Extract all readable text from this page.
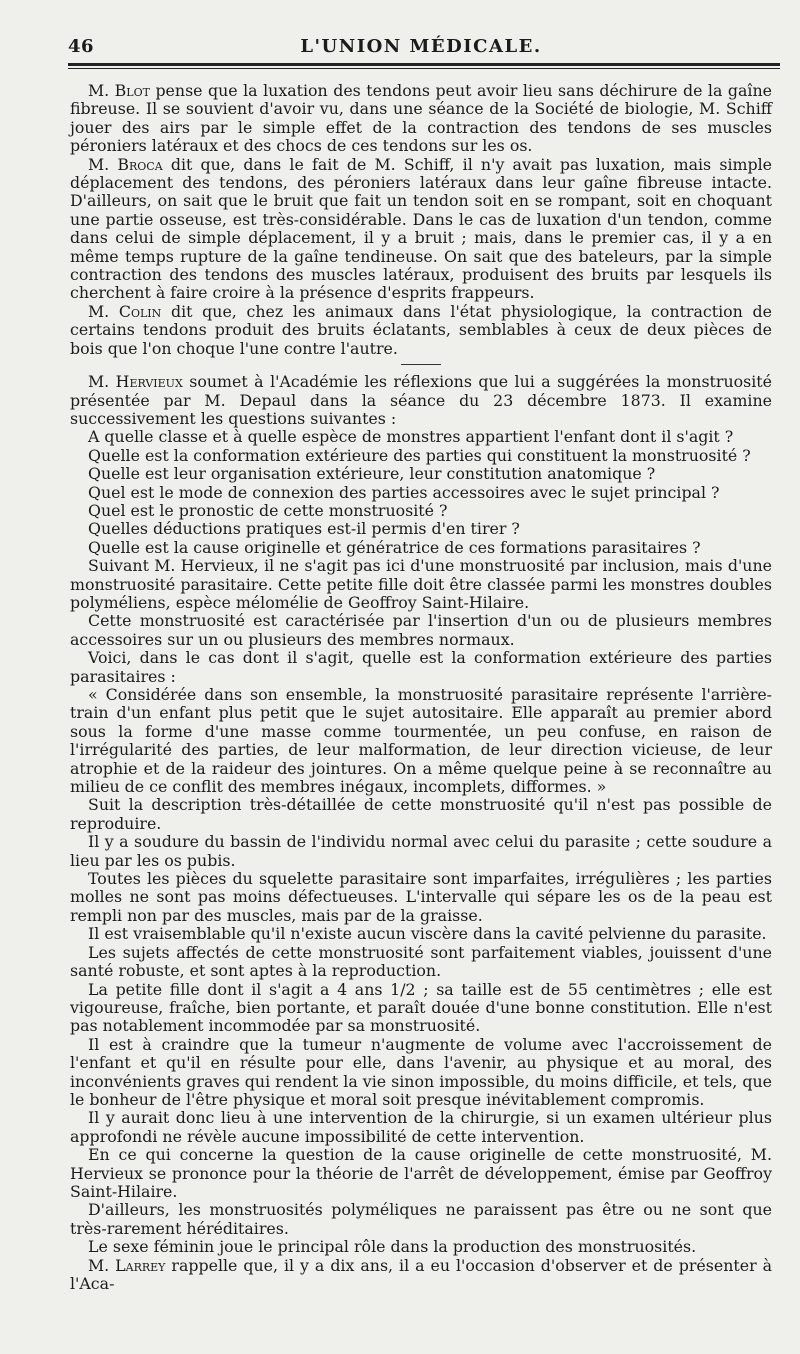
46	L'UNION MÉDICALE.

M. Blot pense que la luxation des tendons peut avoir lieu sans déchirure de la gaîne fibreuse. Il se souvient d'avoir vu, dans une séance de la Société de biologie, M. Schiff jouer des airs par le simple effet de la contraction des tendons de ses muscles péroniers latéraux et des chocs de ces tendons sur les os.

M. Broca dit que, dans le fait de M. Schiff, il n'y avait pas luxation, mais simple déplacement des tendons, des péroniers latéraux dans leur gaîne fibreuse intacte. D'ailleurs, on sait que le bruit que fait un tendon soit en se rompant, soit en choquant une partie osseuse, est très-considérable. Dans le cas de luxation d'un tendon, comme dans celui de simple déplacement, il y a bruit ; mais, dans le premier cas, il y a en même temps rupture de la gaîne tendineuse. On sait que des bateleurs, par la simple contraction des tendons des muscles latéraux, produisent des bruits par lesquels ils cherchent à faire croire à la présence d'esprits frappeurs.

M. Colin dit que, chez les animaux dans l'état physiologique, la contraction de certains tendons produit des bruits éclatants, semblables à ceux de deux pièces de bois que l'on choque l'une contre l'autre.

M. Hervieux soumet à l'Académie les réflexions que lui a suggérées la monstruosité présentée par M. Depaul dans la séance du 23 décembre 1873. Il examine successivement les questions suivantes :

A quelle classe et à quelle espèce de monstres appartient l'enfant dont il s'agit ?

Quelle est la conformation extérieure des parties qui constituent la monstruosité ?

Quelle est leur organisation extérieure, leur constitution anatomique ?

Quel est le mode de connexion des parties accessoires avec le sujet principal ?

Quel est le pronostic de cette monstruosité ?

Quelles déductions pratiques est-il permis d'en tirer ?

Quelle est la cause originelle et génératrice de ces formations parasitaires ?

Suivant M. Hervieux, il ne s'agit pas ici d'une monstruosité par inclusion, mais d'une monstruosité parasitaire. Cette petite fille doit être classée parmi les monstres doubles polyméliens, espèce mélomélie de Geoffroy Saint-Hilaire.

Cette monstruosité est caractérisée par l'insertion d'un ou de plusieurs membres accessoires sur un ou plusieurs des membres normaux.

Voici, dans le cas dont il s'agit, quelle est la conformation extérieure des parties parasitaires :

« Considérée dans son ensemble, la monstruosité parasitaire représente l'arrière-train d'un enfant plus petit que le sujet autositaire. Elle apparaît au premier abord sous la forme d'une masse comme tourmentée, un peu confuse, en raison de l'irrégularité des parties, de leur malformation, de leur direction vicieuse, de leur atrophie et de la raideur des jointures. On a même quelque peine à se reconnaître au milieu de ce conflit des membres inégaux, incomplets, difformes. »

Suit la description très-détaillée de cette monstruosité qu'il n'est pas possible de reproduire.

Il y a soudure du bassin de l'individu normal avec celui du parasite ; cette soudure a lieu par les os pubis.

Toutes les pièces du squelette parasitaire sont imparfaites, irrégulières ; les parties molles ne sont pas moins défectueuses. L'intervalle qui sépare les os de la peau est rempli non par des muscles, mais par de la graisse.

Il est vraisemblable qu'il n'existe aucun viscère dans la cavité pelvienne du parasite.

Les sujets affectés de cette monstruosité sont parfaitement viables, jouissent d'une santé robuste, et sont aptes à la reproduction.

La petite fille dont il s'agit a 4 ans 1/2 ; sa taille est de 55 centimètres ; elle est vigoureuse, fraîche, bien portante, et paraît douée d'une bonne constitution. Elle n'est pas notablement incommodée par sa monstruosité.

Il est à craindre que la tumeur n'augmente de volume avec l'accroissement de l'enfant et qu'il en résulte pour elle, dans l'avenir, au physique et au moral, des inconvénients graves qui rendent la vie sinon impossible, du moins difficile, et tels, que le bonheur de l'être physique et moral soit presque inévitablement compromis.

Il y aurait donc lieu à une intervention de la chirurgie, si un examen ultérieur plus approfondi ne révèle aucune impossibilité de cette intervention.

En ce qui concerne la question de la cause originelle de cette monstruosité, M. Hervieux se prononce pour la théorie de l'arrêt de développement, émise par Geoffroy Saint-Hilaire.

D'ailleurs, les monstruosités polyméliques ne paraissent pas être ou ne sont que très-rarement héréditaires.

Le sexe féminin joue le principal rôle dans la production des monstruosités.

M. Larrey rappelle que, il y a dix ans, il a eu l'occasion d'observer et de présenter à l'Aca-
